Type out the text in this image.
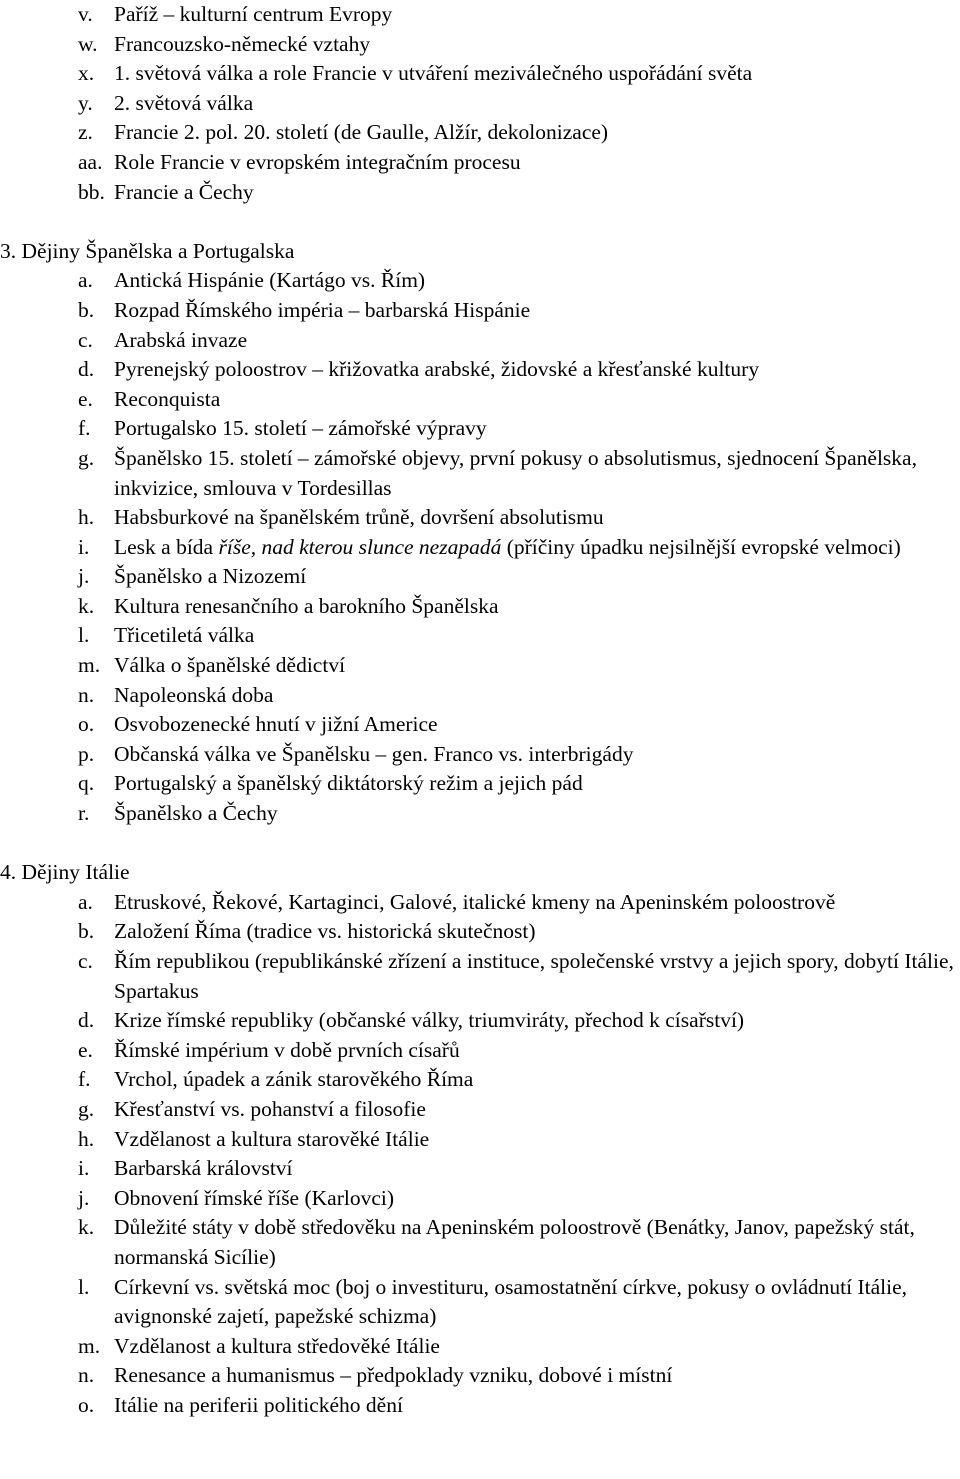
v. Paříž – kulturní centrum Evropy
w. Francouzsko-německé vztahy
x. 1. světová válka a role Francie v utváření meziválečného uspořádání světa
y. 2. světová válka
z. Francie 2. pol. 20. století (de Gaulle, Alžír, dekolonizace)
aa. Role Francie v evropském integračním procesu
bb. Francie a Čechy
3. Dějiny Španělska a Portugalska
a. Antická Hispánie (Kartágo vs. Řím)
b. Rozpad Římského impéria – barbarská Hispánie
c. Arabská invaze
d. Pyrenejský poloostrov – křižovatka arabské, židovské a křesťanské kultury
e. Reconquista
f. Portugalsko 15. století – zámořské výpravy
g. Španělsko 15. století – zámořské objevy, první pokusy o absolutismus, sjednocení Španělska, inkvizice, smlouva v Tordesillas
h. Habsburkové na španělském trůně, dovršení absolutismu
i. Lesk a bída říše, nad kterou slunce nezapadá (příčiny úpadku nejsilnější evropské velmoci)
j. Španělsko a Nizozemí
k. Kultura renesančního a barokního Španělska
l. Třicetiletá válka
m. Válka o španělské dědictví
n. Napoleonská doba
o. Osvobozenecké hnutí v jižní Americe
p. Občanská válka ve Španělsku – gen. Franco vs. interbrigády
q. Portugalský a španělský diktátorský režim a jejich pád
r. Španělsko a Čechy
4. Dějiny Itálie
a. Etruskové, Řekové, Kartaginci, Galové, italické kmeny na Apeninském poloostrově
b. Založení Říma (tradice vs. historická skutečnost)
c. Řím republikou (republikánské zřízení a instituce, společenské vrstvy a jejich spory, dobytí Itálie, Spartakus
d. Krize římské republiky (občanské války, triumviráty, přechod k císařství)
e. Římské impérium v době prvních císařů
f. Vrchol, úpadek a zánik starověkého Říma
g. Křesťanství vs. pohanství a filosofie
h. Vzdělanost a kultura starověké Itálie
i. Barbarská království
j. Obnovení římské říše (Karlovci)
k. Důležité státy v době středověku na Apeninském poloostrově (Benátky, Janov, papežský stát, normanská Sicílie)
l. Církevní vs. světská moc (boj o investituru, osamostatnění církve, pokusy o ovládnutí Itálie, avignonské zajetí, papežské schizma)
m. Vzdělanost a kultura středověké Itálie
n. Renesance a humanismus – předpoklady vzniku, dobové i místní
o. Itálie na periferii politického dění
